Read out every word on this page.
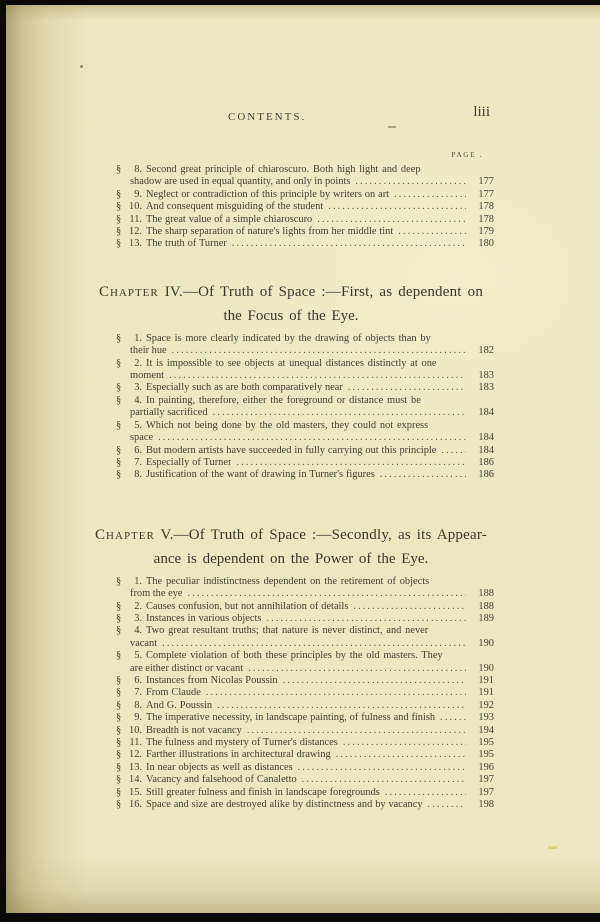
CONTENTS.	liii
PAGE .
§	8. Second great principle of chiaroscuro. Both high light and deep
shadow are used in equal quantity, and only in points .....	177
§	9. Neglect or contradiction of this principle by writers on art .....	177
§ 10. And consequent misguiding of the student .....	178
§ 11. The great value of a simple chiaroscuro .....	178
§ 12. The sharp separation of nature's lights from her middle tint .....	179
§ 13. The truth of Turner .....	180
Chapter IV.—Of Truth of Space :—First, as dependent on
the Focus of the Eye.
§	1. Space is more clearly indicated by the drawing of objects than by
their hue .....	182
§	2. It is impossible to see objects at unequal distances distinctly at one
moment .....	183
§	3. Especially such as are both comparatively near .....	183
§	4. In painting, therefore, either the foreground or distance must be
partially sacrificed .....	184
§	5. Which not being done by the old masters, they could not express
space .....	184
§	6. But modern artists have succeeded in fully carrying out this principle .....	184
§	7. Especially of Turner .....	186
§	8. Justification of the want of drawing in Turner's figures .....	186
Chapter V.—Of Truth of Space :—Secondly, as its Appear-
ance is dependent on the Power of the Eye.
§	1. The peculiar indistinctness dependent on the retirement of objects
from the eye .....	188
§	2. Causes confusion, but not annihilation of details .....	188
§	3. Instances in various objects .....	189
§	4. Two great resultant truths; that nature is never distinct, and never
vacant .....	190
§	5. Complete violation of both these principles by the old masters. They
are either distinct or vacant .....	190
§	6. Instances from Nicolas Poussin .....	191
§	7. From Claude .....	191
§	8. And G. Poussin .....	192
§	9. The imperative necessity, in landscape painting, of fulness and finish .....	193
§ 10. Breadth is not vacancy .....	194
§ 11. The fulness and mystery of Turner's distances .....	195
§ 12. Farther illustrations in architectural drawing .....	195
§ 13. In near objects as well as distances .....	196
§ 14. Vacancy and falsehood of Canaletto .....	197
§ 15. Still greater fulness and finish in landscape foregrounds .....	197
§ 16. Space and size are destroyed alike by distinctness and by vacancy .....	198
